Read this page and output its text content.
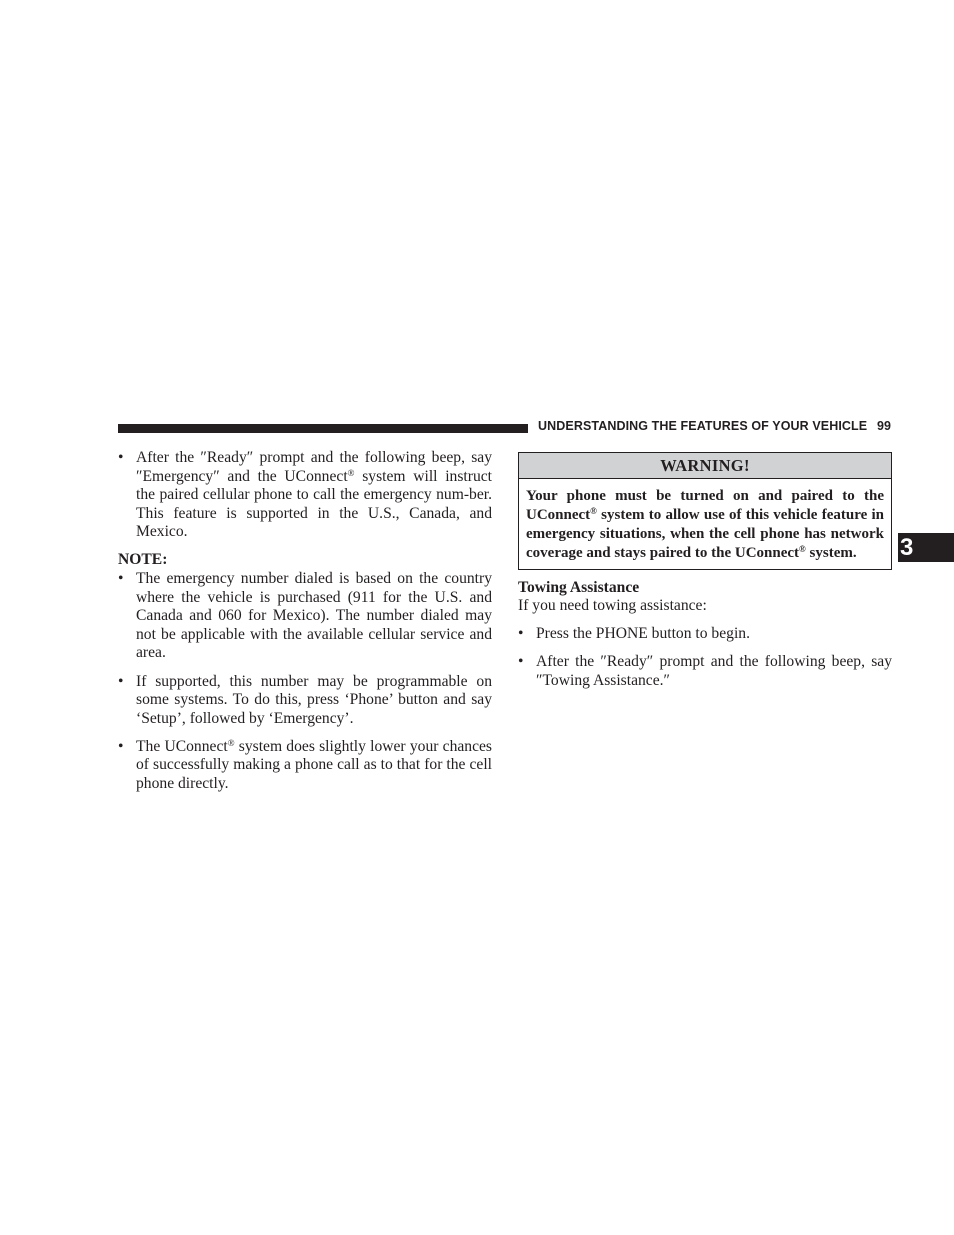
UNDERSTANDING THE FEATURES OF YOUR VEHICLE 99
3
• After the ″Ready″ prompt and the following beep, say ″Emergency″ and the UConnect® system will instruct the paired cellular phone to call the emergency num-ber. This feature is supported in the U.S., Canada, and Mexico.
NOTE:
• The emergency number dialed is based on the country where the vehicle is purchased (911 for the U.S. and Canada and 060 for Mexico). The number dialed may not be applicable with the available cellular service and area.
• If supported, this number may be programmable on some systems. To do this, press ‘Phone’ button and say ‘Setup’, followed by ‘Emergency’.
• The UConnect® system does slightly lower your chances of successfully making a phone call as to that for the cell phone directly.
WARNING!
Your phone must be turned on and paired to the UConnect® system to allow use of this vehicle feature in emergency situations, when the cell phone has network coverage and stays paired to the UConnect® system.
Towing Assistance
If you need towing assistance:
• Press the PHONE button to begin.
• After the ″Ready″ prompt and the following beep, say ″Towing Assistance.″
